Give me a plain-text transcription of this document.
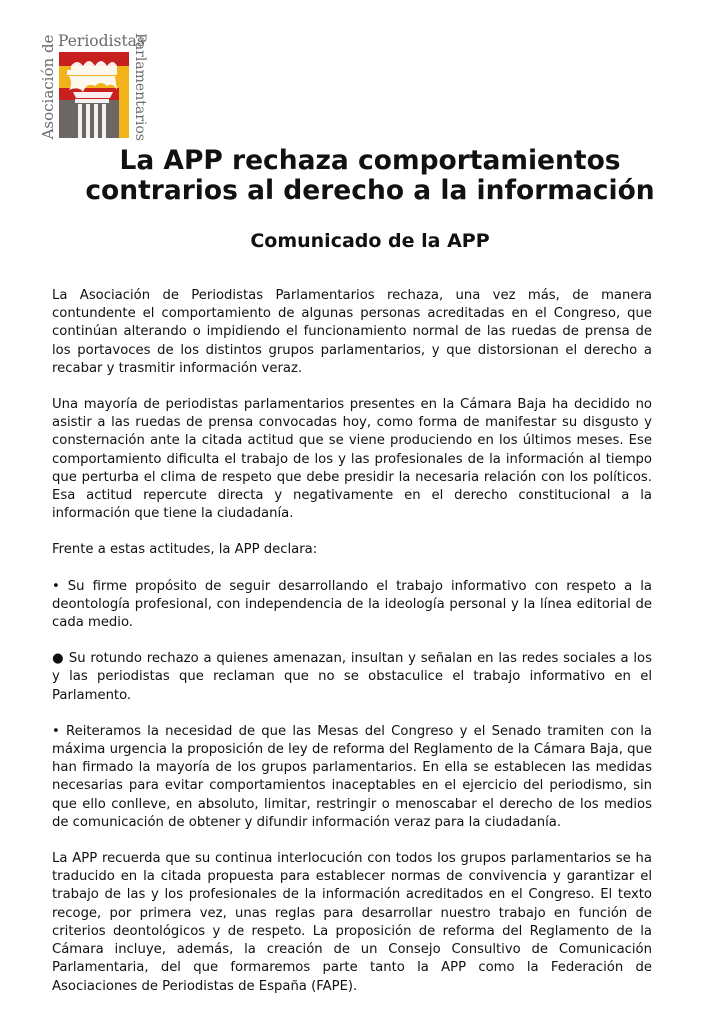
Asociación de Periodistas
Parlamentarios
La APP rechaza comportamientos contrarios al derecho a la información
Comunicado de la APP

La Asociación de Periodistas Parlamentarios rechaza, una vez más, de manera contundente el comportamiento de algunas personas acreditadas en el Congreso, que continúan alterando o impidiendo el funcionamiento normal de las ruedas de prensa de los portavoces de los distintos grupos parlamentarios, y que distorsionan el derecho a recabar y trasmitir información veraz.

Una mayoría de periodistas parlamentarios presentes en la Cámara Baja ha decidido no asistir a las ruedas de prensa convocadas hoy, como forma de manifestar su disgusto y consternación ante la citada actitud que se viene produciendo en los últimos meses. Ese comportamiento dificulta el trabajo de los y las profesionales de la información al tiempo que perturba el clima de respeto que debe presidir la necesaria relación con los políticos. Esa actitud repercute directa y negativamente en el derecho constitucional a la información que tiene la ciudadanía.

Frente a estas actitudes, la APP declara:

• Su firme propósito de seguir desarrollando el trabajo informativo con respeto a la deontología profesional, con independencia de la ideología personal y la línea editorial de cada medio.

● Su rotundo rechazo a quienes amenazan, insultan y señalan en las redes sociales a los y las periodistas que reclaman que no se obstaculice el trabajo informativo en el Parlamento.

• Reiteramos la necesidad de que las Mesas del Congreso y el Senado tramiten con la máxima urgencia la proposición de ley de reforma del Reglamento de la Cámara Baja, que han firmado la mayoría de los grupos parlamentarios. En ella se establecen las medidas necesarias para evitar comportamientos inaceptables en el ejercicio del periodismo, sin que ello conlleve, en absoluto, limitar, restringir o menoscabar el derecho de los medios de comunicación de obtener y difundir información veraz para la ciudadanía.

La APP recuerda que su continua interlocución con todos los grupos parlamentarios se ha traducido en la citada propuesta para establecer normas de convivencia y garantizar el trabajo de las y los profesionales de la información acreditados en el Congreso. El texto recoge, por primera vez, unas reglas para desarrollar nuestro trabajo en función de criterios deontológicos y de respeto. La proposición de reforma del Reglamento de la Cámara incluye, además, la creación de un Consejo Consultivo de Comunicación Parlamentaria, del que formaremos parte tanto la APP como la Federación de Asociaciones de Periodistas de España (FAPE).
